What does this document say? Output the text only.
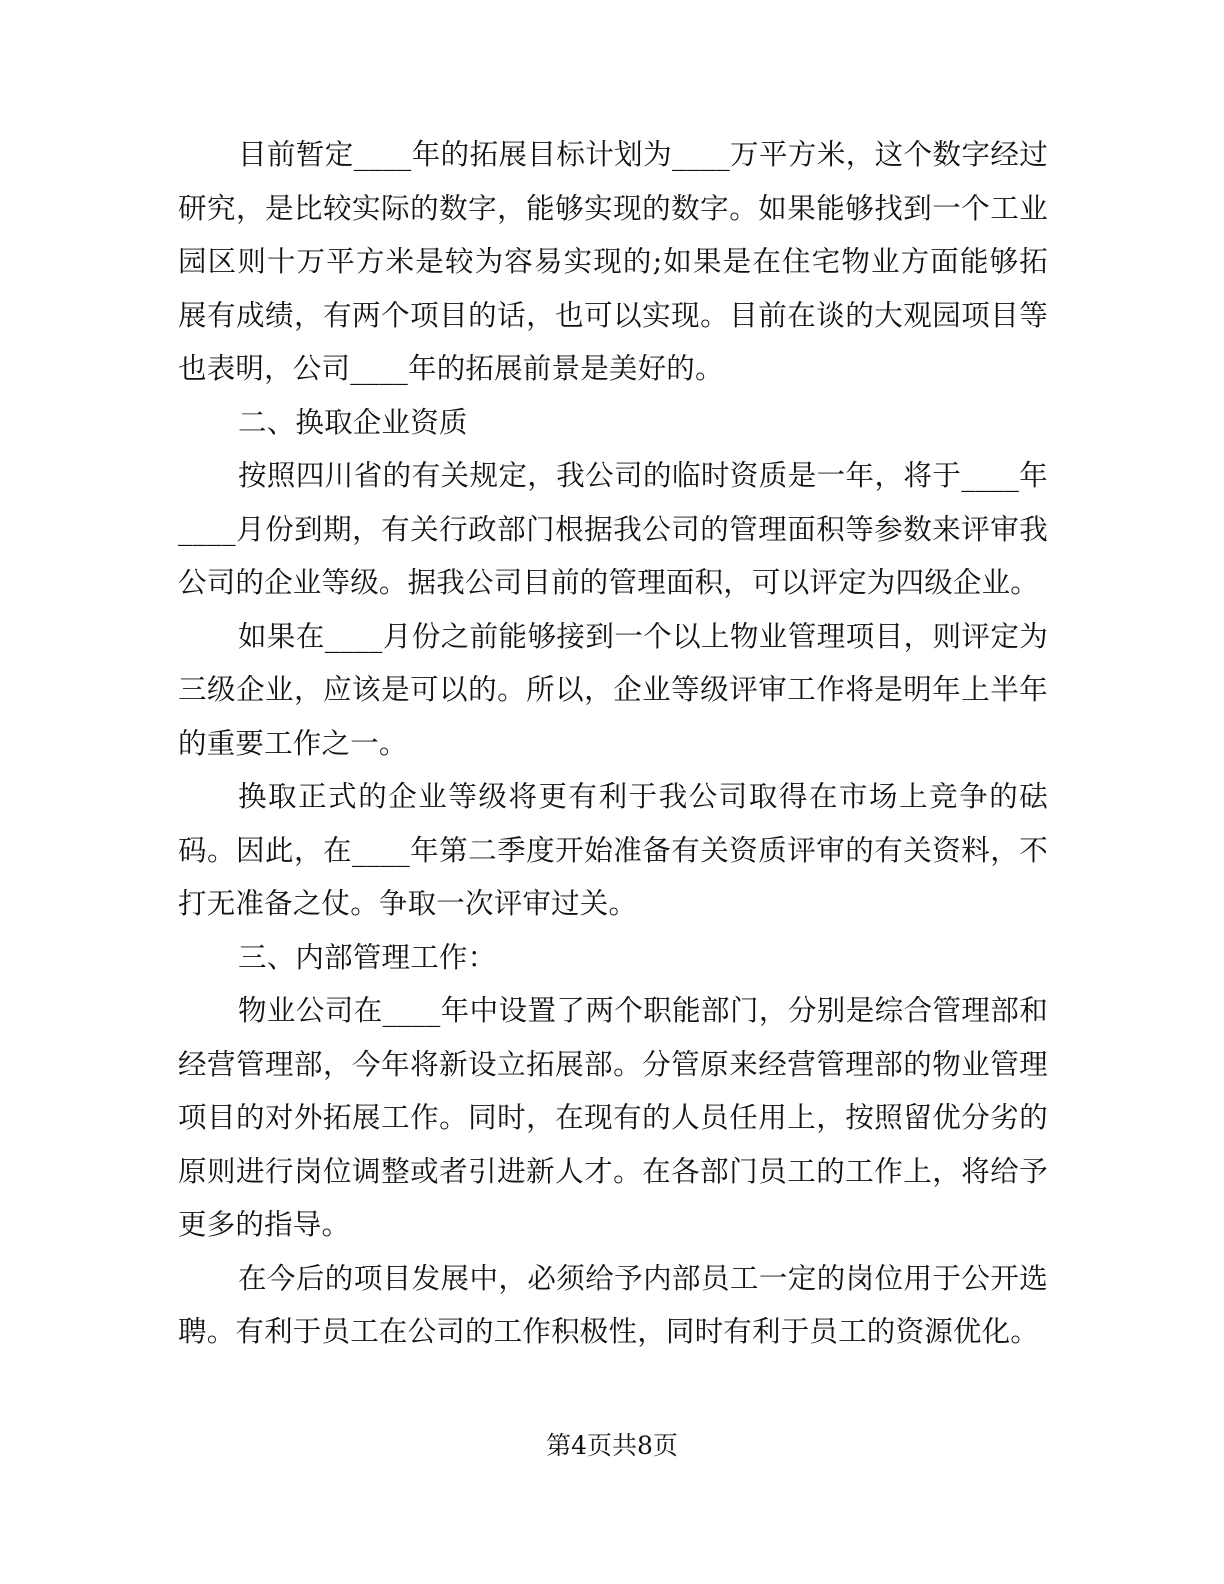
目前暂定____年的拓展目标计划为____万平方米，这个数字经过研究，是比较实际的数字，能够实现的数字。如果能够找到一个工业园区则十万平方米是较为容易实现的;如果是在住宅物业方面能够拓展有成绩，有两个项目的话，也可以实现。目前在谈的大观园项目等也表明，公司____年的拓展前景是美好的。

二、换取企业资质

按照四川省的有关规定，我公司的临时资质是一年，将于____年____月份到期，有关行政部门根据我公司的管理面积等参数来评审我公司的企业等级。据我公司目前的管理面积，可以评定为四级企业。

如果在____月份之前能够接到一个以上物业管理项目，则评定为三级企业，应该是可以的。所以，企业等级评审工作将是明年上半年的重要工作之一。

换取正式的企业等级将更有利于我公司取得在市场上竞争的砝码。因此，在____年第二季度开始准备有关资质评审的有关资料，不打无准备之仗。争取一次评审过关。

三、内部管理工作：

物业公司在____年中设置了两个职能部门，分别是综合管理部和经营管理部，今年将新设立拓展部。分管原来经营管理部的物业管理项目的对外拓展工作。同时，在现有的人员任用上，按照留优分劣的原则进行岗位调整或者引进新人才。在各部门员工的工作上，将给予更多的指导。

在今后的项目发展中，必须给予内部员工一定的岗位用于公开选聘。有利于员工在公司的工作积极性，同时有利于员工的资源优化。

第4页共8页
